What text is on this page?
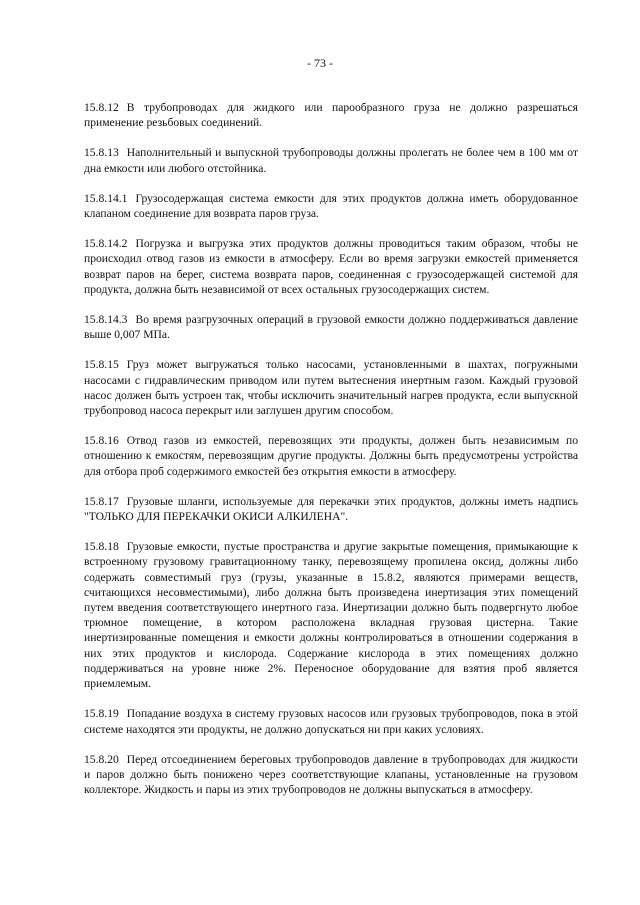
- 73 -

15.8.12 В трубопроводах для жидкого или парообразного груза не должно разрешаться применение резьбовых соединений.

15.8.13 Наполнительный и выпускной трубопроводы должны пролегать не более чем в 100 мм от дна емкости или любого отстойника.

15.8.14.1 Грузосодержащая система емкости для этих продуктов должна иметь оборудованное клапаном соединение для возврата паров груза.

15.8.14.2 Погрузка и выгрузка этих продуктов должны проводиться таким образом, чтобы не происходил отвод газов из емкости в атмосферу. Если во время загрузки емкостей применяется возврат паров на берег, система возврата паров, соединенная с грузосодержащей системой для продукта, должна быть независимой от всех остальных грузосодержащих систем.

15.8.14.3 Во время разгрузочных операций в грузовой емкости должно поддерживаться давление выше 0,007 МПа.

15.8.15 Груз может выгружаться только насосами, установленными в шахтах, погружными насосами с гидравлическим приводом или путем вытеснения инертным газом. Каждый грузовой насос должен быть устроен так, чтобы исключить значительный нагрев продукта, если выпускной трубопровод насоса перекрыт или заглушен другим способом.

15.8.16 Отвод газов из емкостей, перевозящих эти продукты, должен быть независимым по отношению к емкостям, перевозящим другие продукты. Должны быть предусмотрены устройства для отбора проб содержимого емкостей без открытия емкости в атмосферу.

15.8.17 Грузовые шланги, используемые для перекачки этих продуктов, должны иметь надпись "ТОЛЬКО ДЛЯ ПЕРЕКАЧКИ ОКИСИ АЛКИЛЕНА".

15.8.18 Грузовые емкости, пустые пространства и другие закрытые помещения, примыкающие к встроенному грузовому гравитационному танку, перевозящему пропилена оксид, должны либо содержать совместимый груз (грузы, указанные в 15.8.2, являются примерами веществ, считающихся несовместимыми), либо должна быть произведена инертизация этих помещений путем введения соответствующего инертного газа. Инертизации должно быть подвергнуто любое трюмное помещение, в котором расположена вкладная грузовая цистерна. Такие инертизированные помещения и емкости должны контролироваться в отношении содержания в них этих продуктов и кислорода. Содержание кислорода в этих помещениях должно поддерживаться на уровне ниже 2%. Переносное оборудование для взятия проб является приемлемым.

15.8.19 Попадание воздуха в систему грузовых насосов или грузовых трубопроводов, пока в этой системе находятся эти продукты, не должно допускаться ни при каких условиях.

15.8.20 Перед отсоединением береговых трубопроводов давление в трубопроводах для жидкости и паров должно быть понижено через соответствующие клапаны, установленные на грузовом коллекторе. Жидкость и пары из этих трубопроводов не должны выпускаться в атмосферу.
